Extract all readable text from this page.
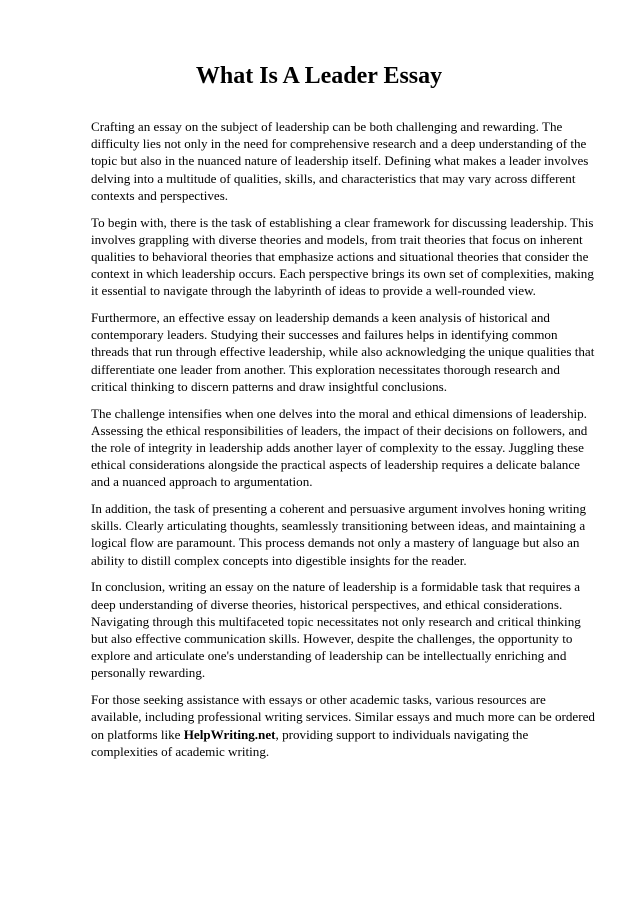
What Is A Leader Essay

Crafting an essay on the subject of leadership can be both challenging and rewarding. The difficulty lies not only in the need for comprehensive research and a deep understanding of the topic but also in the nuanced nature of leadership itself. Defining what makes a leader involves delving into a multitude of qualities, skills, and characteristics that may vary across different contexts and perspectives.

To begin with, there is the task of establishing a clear framework for discussing leadership. This involves grappling with diverse theories and models, from trait theories that focus on inherent qualities to behavioral theories that emphasize actions and situational theories that consider the context in which leadership occurs. Each perspective brings its own set of complexities, making it essential to navigate through the labyrinth of ideas to provide a well-rounded view.

Furthermore, an effective essay on leadership demands a keen analysis of historical and contemporary leaders. Studying their successes and failures helps in identifying common threads that run through effective leadership, while also acknowledging the unique qualities that differentiate one leader from another. This exploration necessitates thorough research and critical thinking to discern patterns and draw insightful conclusions.

The challenge intensifies when one delves into the moral and ethical dimensions of leadership. Assessing the ethical responsibilities of leaders, the impact of their decisions on followers, and the role of integrity in leadership adds another layer of complexity to the essay. Juggling these ethical considerations alongside the practical aspects of leadership requires a delicate balance and a nuanced approach to argumentation.

In addition, the task of presenting a coherent and persuasive argument involves honing writing skills. Clearly articulating thoughts, seamlessly transitioning between ideas, and maintaining a logical flow are paramount. This process demands not only a mastery of language but also an ability to distill complex concepts into digestible insights for the reader.

In conclusion, writing an essay on the nature of leadership is a formidable task that requires a deep understanding of diverse theories, historical perspectives, and ethical considerations. Navigating through this multifaceted topic necessitates not only research and critical thinking but also effective communication skills. However, despite the challenges, the opportunity to explore and articulate one's understanding of leadership can be intellectually enriching and personally rewarding.

For those seeking assistance with essays or other academic tasks, various resources are available, including professional writing services. Similar essays and much more can be ordered on platforms like HelpWriting.net, providing support to individuals navigating the complexities of academic writing.
